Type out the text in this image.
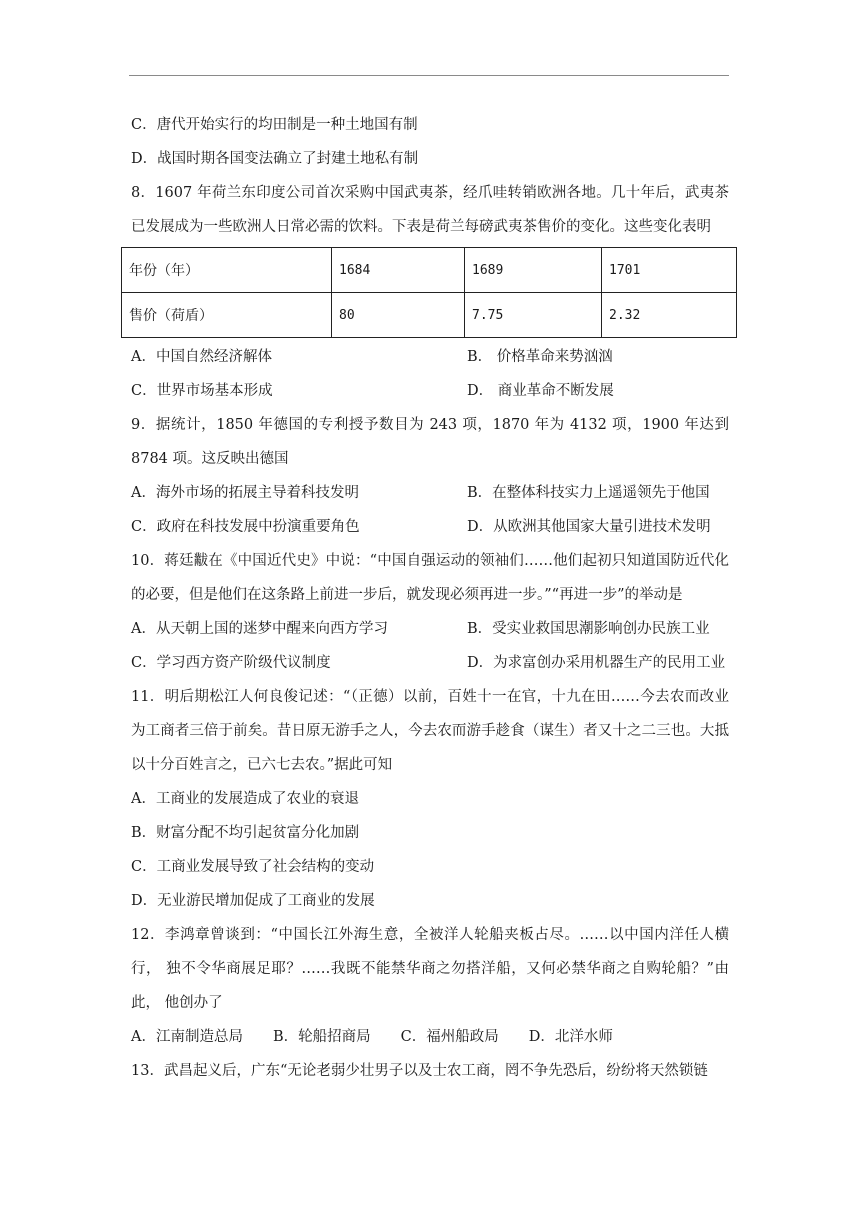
C．唐代开始实行的均田制是一种土地国有制
D．战国时期各国变法确立了封建土地私有制

8．1607 年荷兰东印度公司首次采购中国武夷茶，经爪哇转销欧洲各地。几十年后，武夷茶已发展成为一些欧洲人日常必需的饮料。下表是荷兰每磅武夷茶售价的变化。这些变化表明

年份（年）	1684	1689	1701
售价（荷盾）	80	7.75	2.32
A．中国自然经济解体	B． 价格革命来势汹汹
C．世界市场基本形成	D． 商业革命不断发展

9．据统计，1850 年德国的专利授予数目为 243 项，1870 年为 4132 项，1900 年达到 8784 项。这反映出德国

A．海外市场的拓展主导着科技发明	B．在整体科技实力上遥遥领先于他国
C．政府在科技发展中扮演重要角色	D．从欧洲其他国家大量引进技术发明

10．蒋廷黻在《中国近代史》中说：“中国自强运动的领袖们……他们起初只知道国防近代化的必要，但是他们在这条路上前进一步后，就发现必须再进一步。”“再进一步”的举动是

A．从天朝上国的迷梦中醒来向西方学习	B．受实业救国思潮影响创办民族工业
C．学习西方资产阶级代议制度	D．为求富创办采用机器生产的民用工业

11．明后期松江人何良俊记述：“（正德）以前，百姓十一在官，十九在田……今去农而改业为工商者三倍于前矣。昔日原无游手之人，今去农而游手趁食（谋生）者又十之二三也。大抵以十分百姓言之，已六七去农。”据此可知

A．工商业的发展造成了农业的衰退
B．财富分配不均引起贫富分化加剧
C．工商业发展导致了社会结构的变动
D．无业游民增加促成了工商业的发展

12．李鸿章曾谈到：“中国长江外海生意，全被洋人轮船夹板占尽。……以中国内洋任人横行， 独不令华商展足耶？……我既不能禁华商之勿搭洋船，又何必禁华商之自购轮船？”由此， 他创办了

A．江南制造总局 B．轮船招商局 C．福州船政局 D．北洋水师
13．武昌起义后，广东“无论老弱少壮男子以及士农工商，罔不争先恐后，纷纷将天然锁链
